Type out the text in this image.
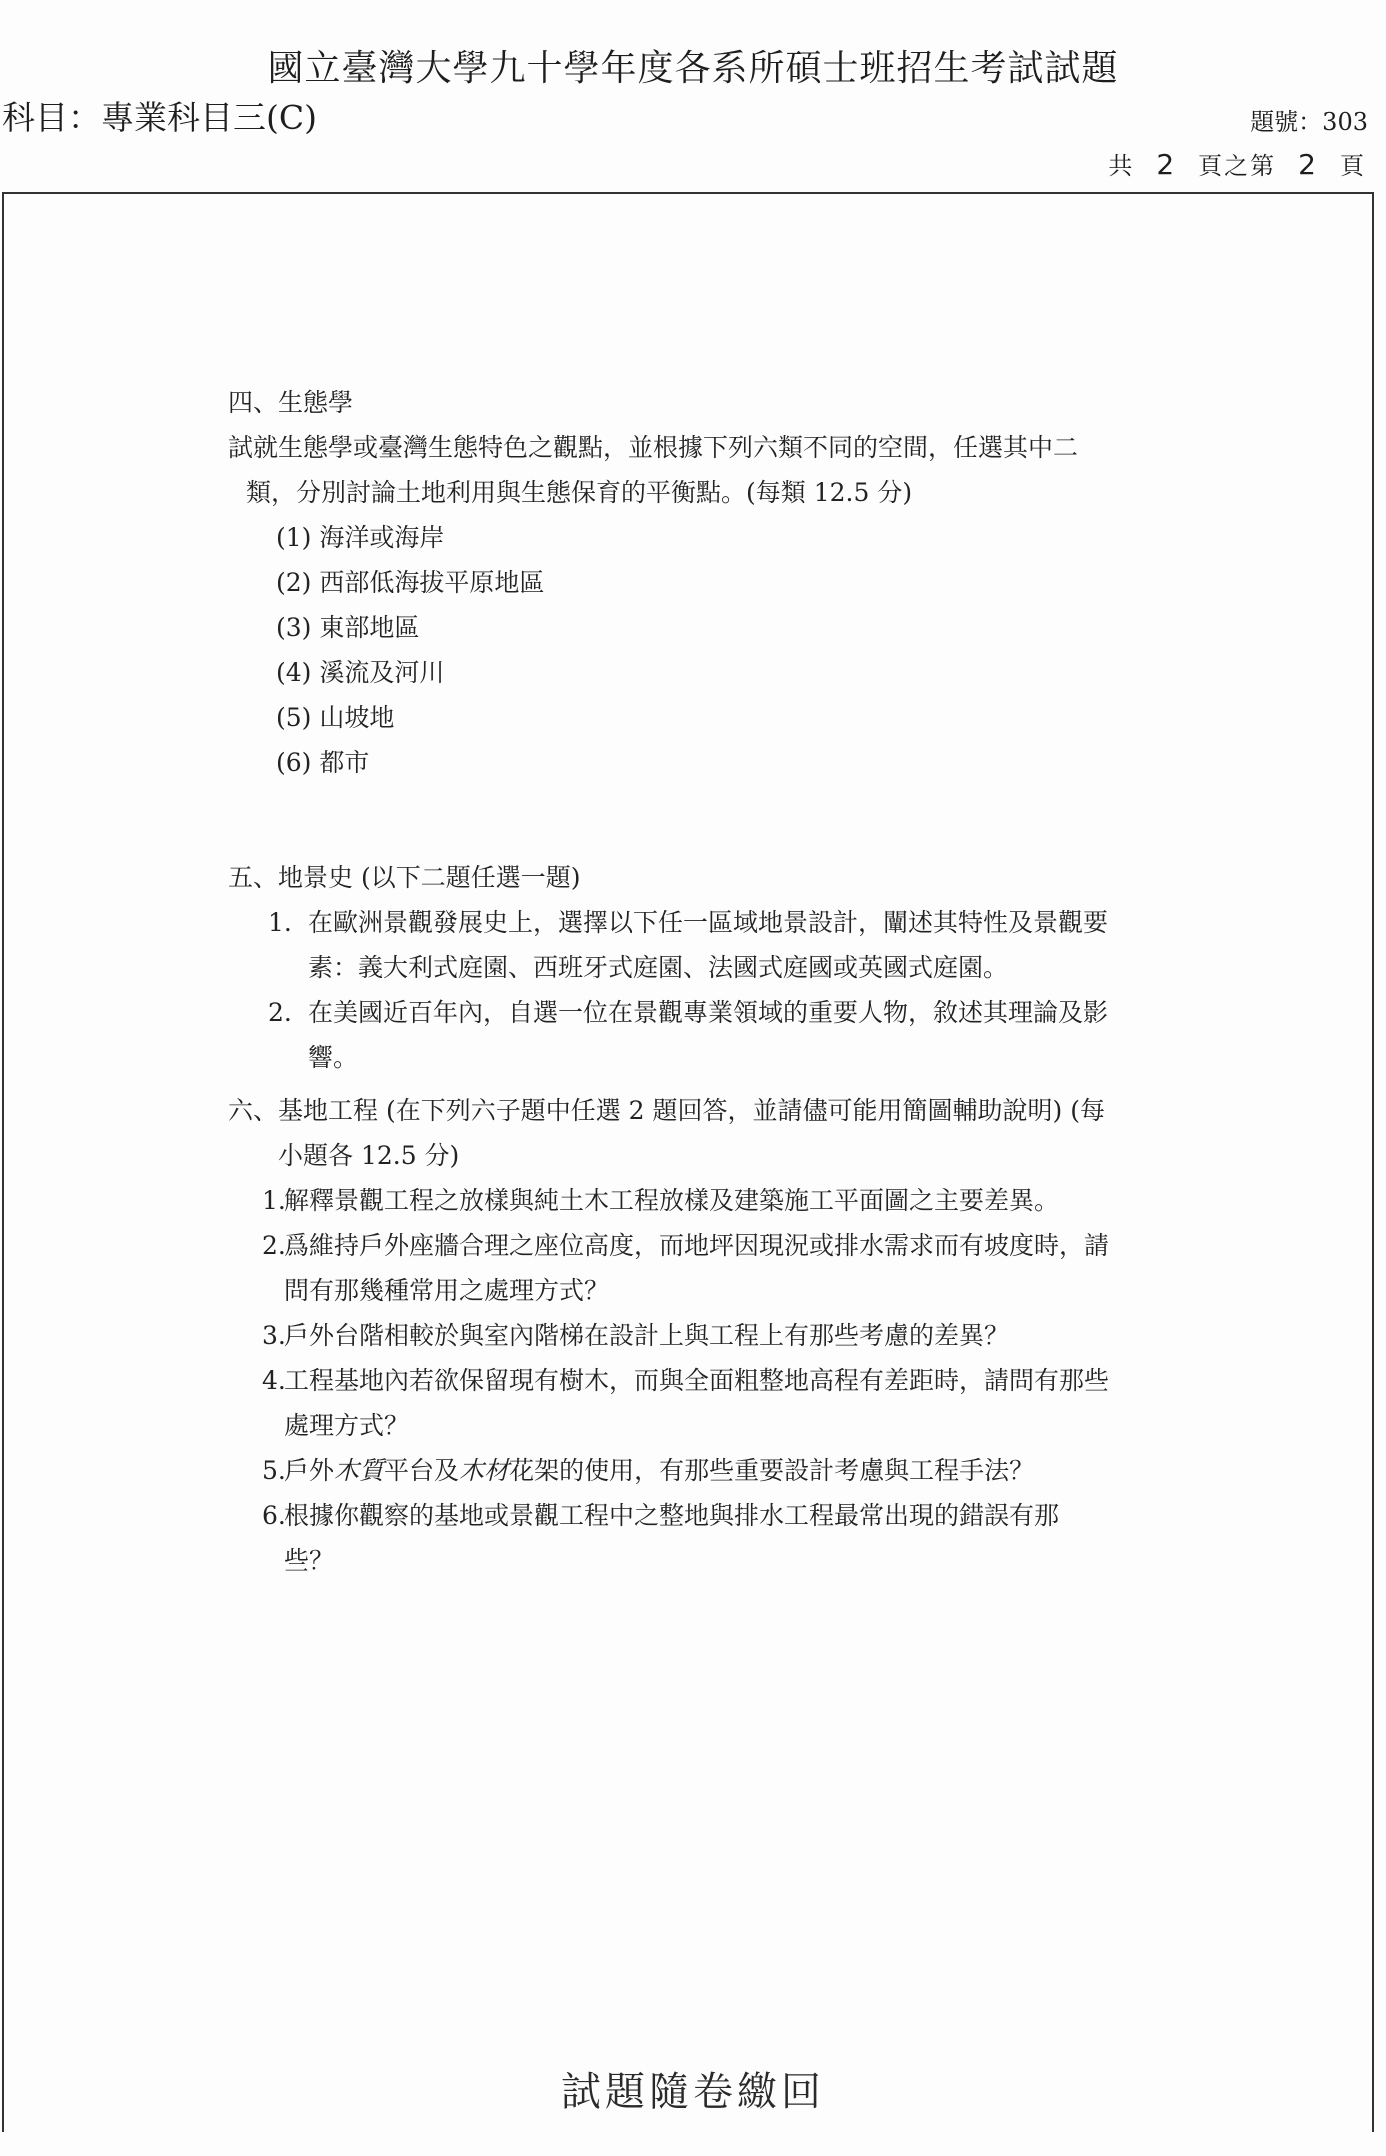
國立臺灣大學九十學年度各系所碩士班招生考試試題
科目：專業科目三(C)	題號：303
共 2 頁之第 2 頁

四、生態學

試就生態學或臺灣生態特色之觀點，並根據下列六類不同的空間，任選其中二
類，分別討論土地利用與生態保育的平衡點。(每類 12.5 分)

(1) 海洋或海岸

(2) 西部低海拔平原地區

(3) 東部地區

(4) 溪流及河川

(5) 山坡地

(6) 都市

五、地景史 (以下二題任選一題)

1. 在歐洲景觀發展史上，選擇以下任一區域地景設計，闡述其特性及景觀要
素：義大利式庭園、西班牙式庭園、法國式庭國或英國式庭園。
2. 在美國近百年內，自選一位在景觀專業領域的重要人物，敘述其理論及影
響。

六、基地工程 (在下列六子題中任選 2 題回答，並請儘可能用簡圖輔助說明) (每
小題各 12.5 分)

1.
解釋景觀工程之放樣與純土木工程放樣及建築施工平面圖之主要差異。
2.
爲維持戶外座牆合理之座位高度，而地坪因現況或排水需求而有坡度時，請
問有那幾種常用之處理方式？
3.
戶外台階相較於與室內階梯在設計上與工程上有那些考慮的差異？
4.
工程基地內若欲保留現有樹木，而與全面粗整地高程有差距時，請問有那些
處理方式？
5.
戶外木質平台及木材花架的使用，有那些重要設計考慮與工程手法？
6.
根據你觀察的基地或景觀工程中之整地與排水工程最常出現的錯誤有那
些？
試題隨卷繳回
